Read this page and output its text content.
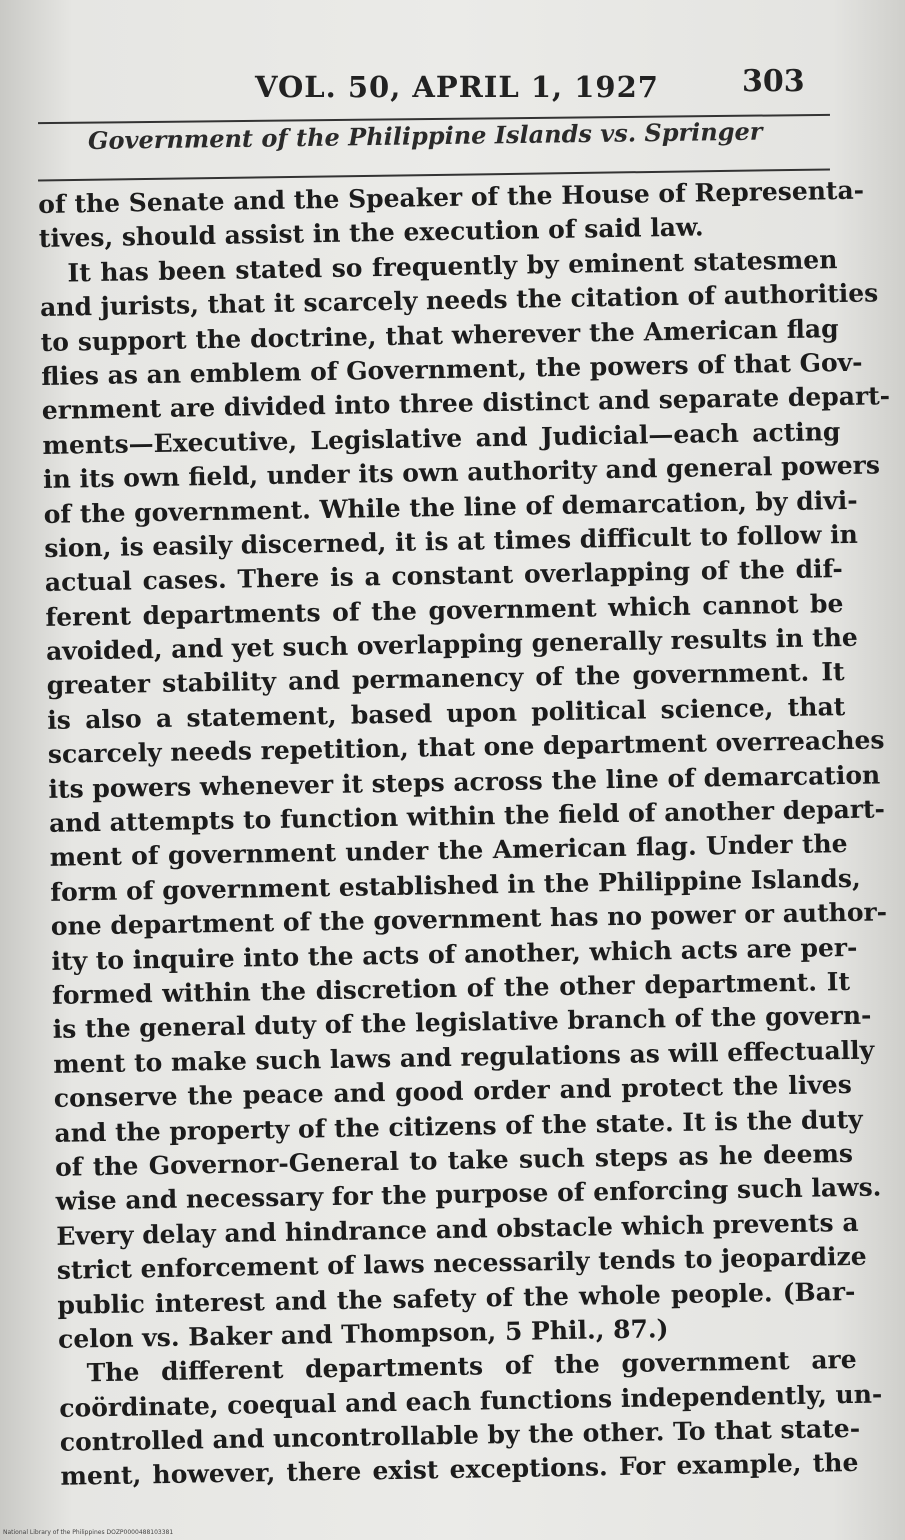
VOL. 50, APRIL 1, 1927	303
Government of the Philippine Islands vs. Springer
of the Senate and the Speaker of the House of Representa-
tives, should assist in the execution of said law.
It has been stated so frequently by eminent statesmen
and jurists, that it scarcely needs the citation of authorities
to support the doctrine, that wherever the American flag
flies as an emblem of Government, the powers of that Gov-
ernment are divided into three distinct and separate depart-
ments—Executive, Legislative and Judicial—each acting
in its own field, under its own authority and general powers
of the government. While the line of demarcation, by divi-
sion, is easily discerned, it is at times difficult to follow in
actual cases. There is a constant overlapping of the dif-
ferent departments of the government which cannot be
avoided, and yet such overlapping generally results in the
greater stability and permanency of the government. It
is also a statement, based upon political science, that
scarcely needs repetition, that one department overreaches
its powers whenever it steps across the line of demarcation
and attempts to function within the field of another depart-
ment of government under the American flag. Under the
form of government established in the Philippine Islands,
one department of the government has no power or author-
ity to inquire into the acts of another, which acts are per-
formed within the discretion of the other department. It
is the general duty of the legislative branch of the govern-
ment to make such laws and regulations as will effectually
conserve the peace and good order and protect the lives
and the property of the citizens of the state. It is the duty
of the Governor-General to take such steps as he deems
wise and necessary for the purpose of enforcing such laws.
Every delay and hindrance and obstacle which prevents a
strict enforcement of laws necessarily tends to jeopardize
public interest and the safety of the whole people. (Bar-
celon vs. Baker and Thompson, 5 Phil., 87.)
The different departments of the government are
coördinate, coequal and each functions independently, un-
controlled and uncontrollable by the other. To that state-
ment, however, there exist exceptions. For example, the
National Library of the Philippines DOZP0000488103381
